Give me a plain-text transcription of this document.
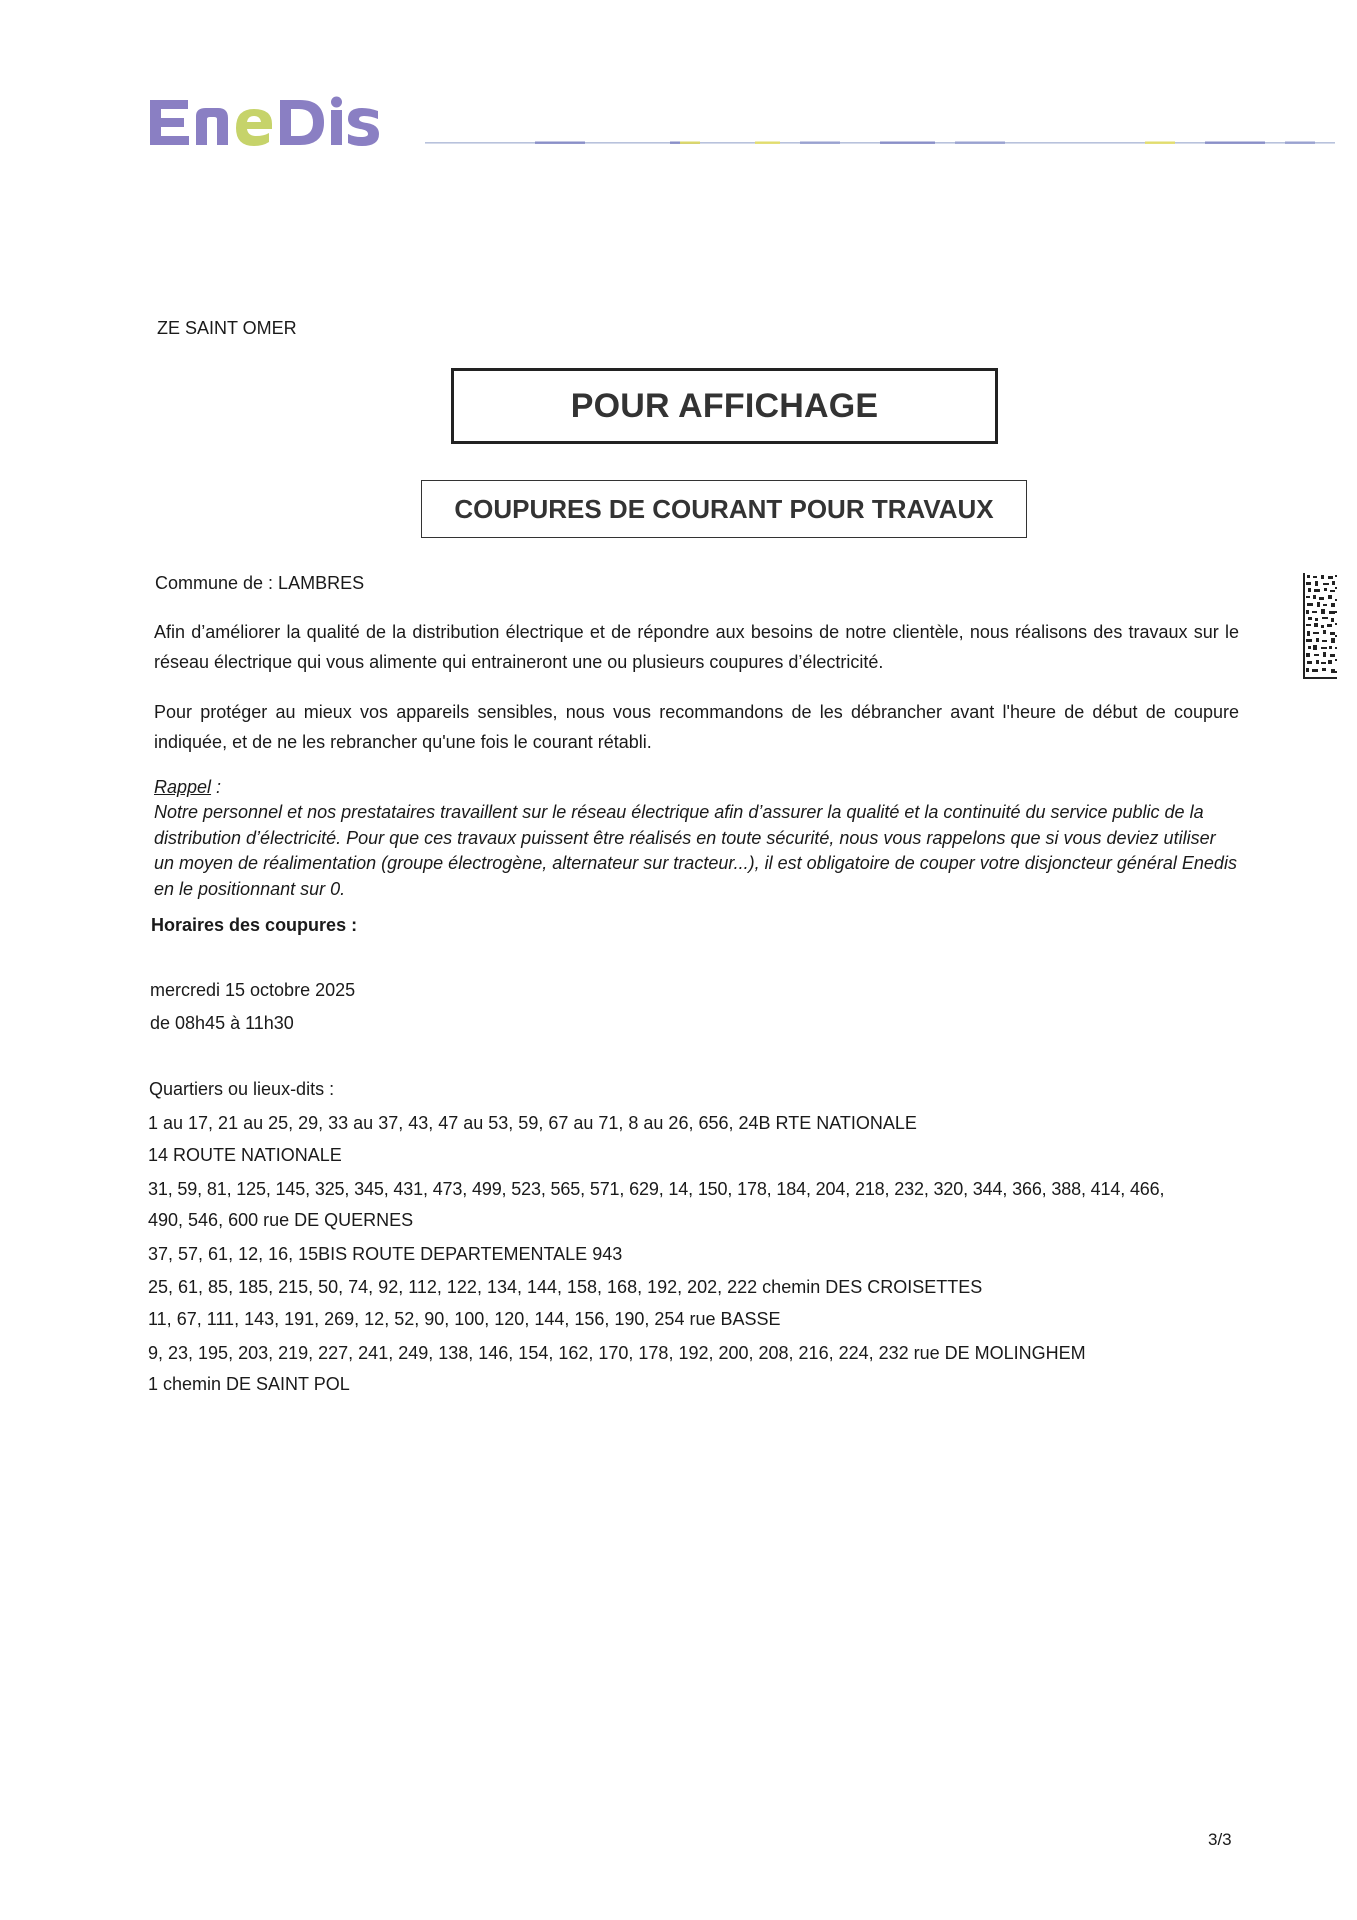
ZE SAINT OMER
POUR AFFICHAGE
COUPURES DE COURANT POUR TRAVAUX
Commune de : LAMBRES
Afin d’améliorer la qualité de la distribution électrique et de répondre aux besoins de notre clientèle, nous réalisons des travaux sur le réseau électrique qui vous alimente qui entraineront une ou plusieurs coupures d’électricité.
Pour protéger au mieux vos appareils sensibles, nous vous recommandons de les débrancher avant l'heure de début de coupure indiquée, et de ne les rebrancher qu'une fois le courant rétabli.
Rappel :
Notre personnel et nos prestataires travaillent sur le réseau électrique afin d’assurer la qualité et la continuité du service public de la distribution d’électricité. Pour que ces travaux puissent être réalisés en toute sécurité, nous vous rappelons que si vous deviez utiliser un moyen de réalimentation (groupe électrogène, alternateur sur tracteur...), il est obligatoire de couper votre disjoncteur général Enedis en le positionnant sur 0.
Horaires des coupures :
mercredi 15 octobre 2025
de 08h45 à 11h30
Quartiers ou lieux-dits :
1 au 17, 21 au 25, 29, 33 au 37, 43, 47 au 53, 59, 67 au 71, 8 au 26, 656, 24B RTE NATIONALE
14 ROUTE NATIONALE
31, 59, 81, 125, 145, 325, 345, 431, 473, 499, 523, 565, 571, 629, 14, 150, 178, 184, 204, 218, 232, 320, 344, 366, 388, 414, 466,
490, 546, 600 rue DE QUERNES
37, 57, 61, 12, 16, 15BIS ROUTE DEPARTEMENTALE 943
25, 61, 85, 185, 215, 50, 74, 92, 112, 122, 134, 144, 158, 168, 192, 202, 222 chemin DES CROISETTES
11, 67, 111, 143, 191, 269, 12, 52, 90, 100, 120, 144, 156, 190, 254 rue BASSE
9, 23, 195, 203, 219, 227, 241, 249, 138, 146, 154, 162, 170, 178, 192, 200, 208, 216, 224, 232 rue DE MOLINGHEM
1 chemin DE SAINT POL
3/3
